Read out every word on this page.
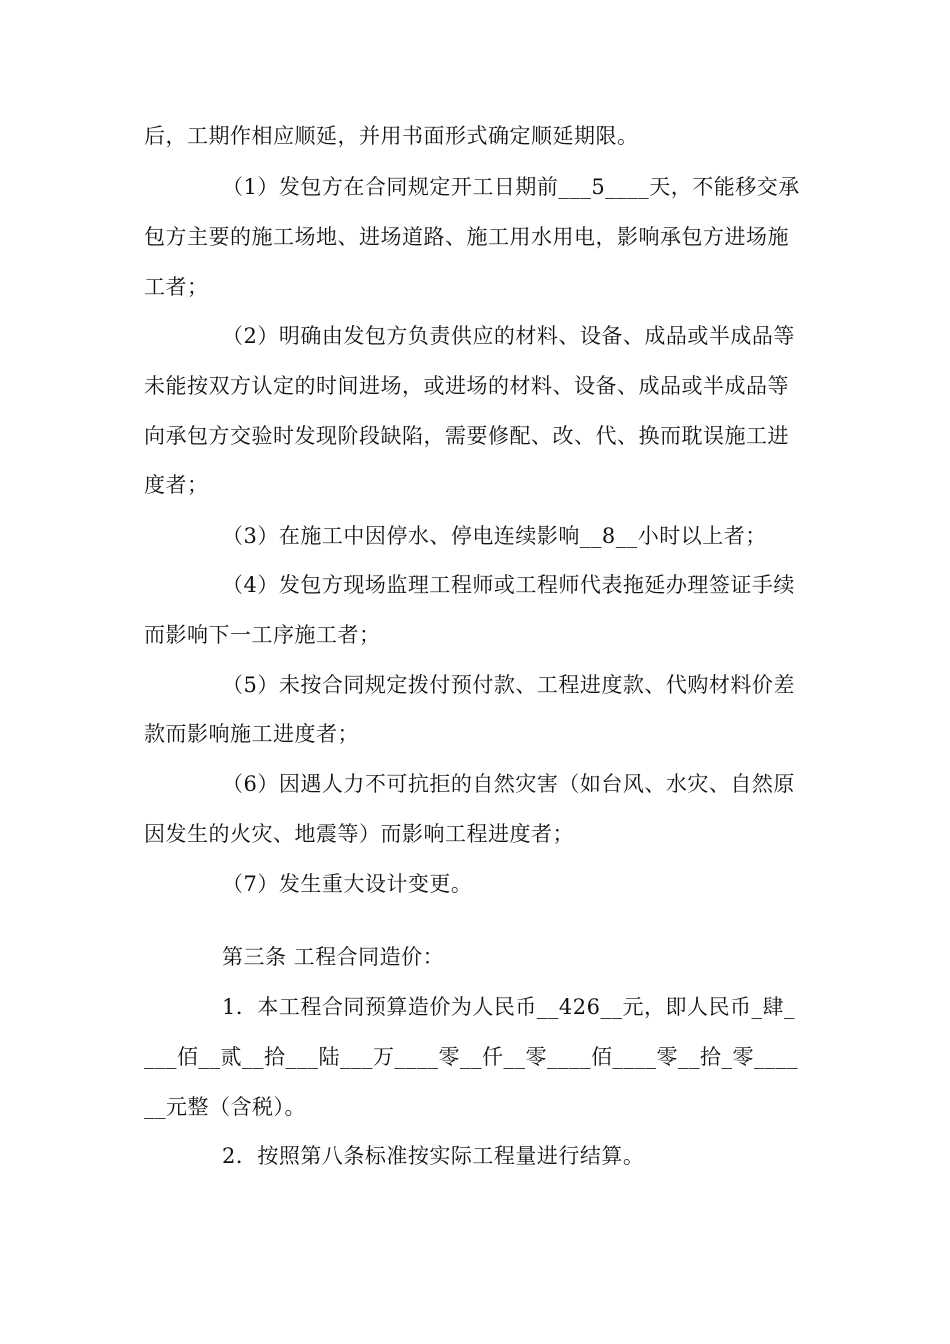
后，工期作相应顺延，并用书面形式确定顺延期限。
（1）发包方在合同规定开工日期前___5____天，不能移交承
包方主要的施工场地、进场道路、施工用水用电，影响承包方进场施
工者；
（2）明确由发包方负责供应的材料、设备、成品或半成品等
未能按双方认定的时间进场，或进场的材料、设备、成品或半成品等
向承包方交验时发现阶段缺陷，需要修配、改、代、换而耽误施工进
度者；
（3）在施工中因停水、停电连续影响__8__小时以上者；
（4）发包方现场监理工程师或工程师代表拖延办理签证手续
而影响下一工序施工者；
（5）未按合同规定拨付预付款、工程进度款、代购材料价差
款而影响施工进度者；
（6）因遇人力不可抗拒的自然灾害（如台风、水灾、自然原
因发生的火灾、地震等）而影响工程进度者；
（7）发生重大设计变更。
第三条 工程合同造价：
1．本工程合同预算造价为人民币__426__元，即人民币_肆_
___佰__贰__拾___陆___万____零__仟__零____佰____零__拾_零____
__元整（含税）。
2．按照第八条标准按实际工程量进行结算。
